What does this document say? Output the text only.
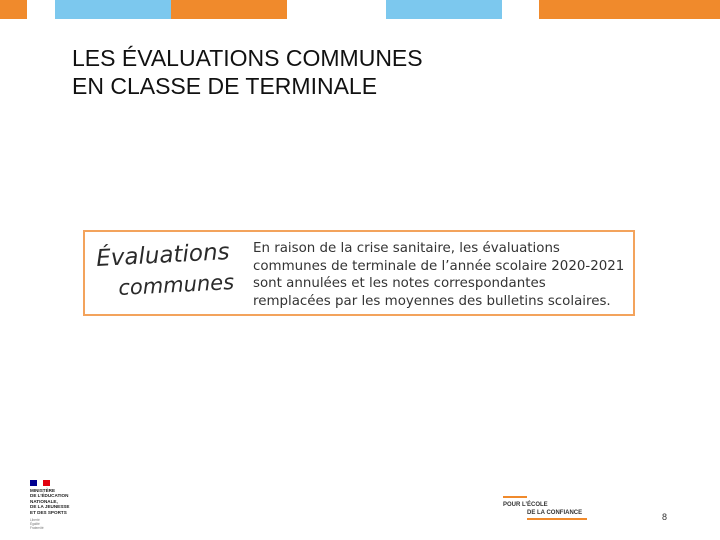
LES ÉVALUATIONS COMMUNES
EN CLASSE DE TERMINALE
Évaluations
communes
En raison de la crise sanitaire, les évaluations
communes de terminale de l’année scolaire 2020-2021
sont annulées et les notes correspondantes
remplacées par les moyennes des bulletins scolaires.
MINISTÈRE
DE L’ÉDUCATION
NATIONALE,
DE LA JEUNESSE
ET DES SPORTS
Liberté
Égalité
Fraternité
POUR L’ÉCOLE
DE LA CONFIANCE	8
